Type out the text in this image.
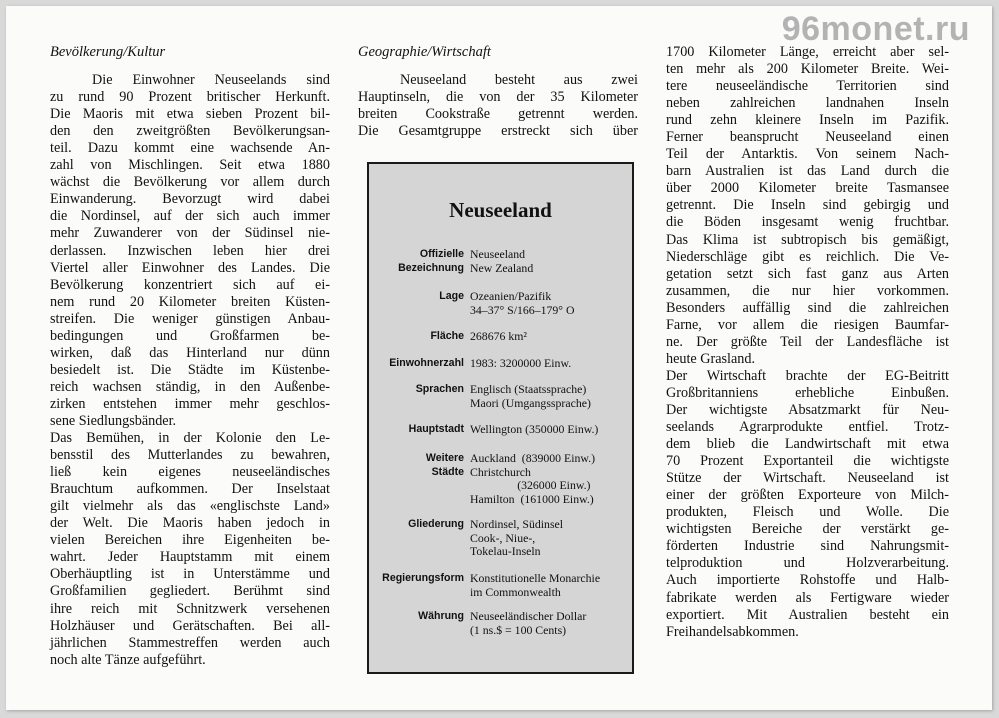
96monet.ru
Bevölkerung/Kultur
Die Einwohner Neuseelands sind
zu rund 90 Prozent britischer Herkunft.
Die Maoris mit etwa sieben Prozent bil-
den den zweitgrößten Bevölkerungsan-
teil. Dazu kommt eine wachsende An-
zahl von Mischlingen. Seit etwa 1880
wächst die Bevölkerung vor allem durch
Einwanderung. Bevorzugt wird dabei
die Nordinsel, auf der sich auch immer
mehr Zuwanderer von der Südinsel nie-
derlassen. Inzwischen leben hier drei
Viertel aller Einwohner des Landes. Die
Bevölkerung konzentriert sich auf ei-
nem rund 20 Kilometer breiten Küsten-
streifen. Die weniger günstigen Anbau-
bedingungen und Großfarmen be-
wirken, daß das Hinterland nur dünn
besiedelt ist. Die Städte im Küstenbe-
reich wachsen ständig, in den Außenbe-
zirken entstehen immer mehr geschlos-
sene Siedlungsbänder.
Das Bemühen, in der Kolonie den Le-
bensstil des Mutterlandes zu bewahren,
ließ kein eigenes neuseeländisches
Brauchtum aufkommen. Der Inselstaat
gilt vielmehr als das «englischste Land»
der Welt. Die Maoris haben jedoch in
vielen Bereichen ihre Eigenheiten be-
wahrt. Jeder Hauptstamm mit einem
Oberhäuptling ist in Unterstämme und
Großfamilien gegliedert. Berühmt sind
ihre reich mit Schnitzwerk versehenen
Holzhäuser und Gerätschaften. Bei all-
jährlichen Stammestreffen werden auch
noch alte Tänze aufgeführt.
Geographie/Wirtschaft
Neuseeland besteht aus zwei
Hauptinseln, die von der 35 Kilometer
breiten Cookstraße getrennt werden.
Die Gesamtgruppe erstreckt sich über
1700 Kilometer Länge, erreicht aber sel-
ten mehr als 200 Kilometer Breite. Wei-
tere neuseeländische Territorien sind
neben zahlreichen landnahen Inseln
rund zehn kleinere Inseln im Pazifik.
Ferner beansprucht Neuseeland einen
Teil der Antarktis. Von seinem Nach-
barn Australien ist das Land durch die
über 2000 Kilometer breite Tasmansee
getrennt. Die Inseln sind gebirgig und
die Böden insgesamt wenig fruchtbar.
Das Klima ist subtropisch bis gemäßigt,
Niederschläge gibt es reichlich. Die Ve-
getation setzt sich fast ganz aus Arten
zusammen, die nur hier vorkommen.
Besonders auffällig sind die zahlreichen
Farne, vor allem die riesigen Baumfar-
ne. Der größte Teil der Landesfläche ist
heute Grasland.
Der Wirtschaft brachte der EG-Beitritt
Großbritanniens erhebliche Einbußen.
Der wichtigste Absatzmarkt für Neu-
seelands Agrarprodukte entfiel. Trotz-
dem blieb die Landwirtschaft mit etwa
70 Prozent Exportanteil die wichtigste
Stütze der Wirtschaft. Neuseeland ist
einer der größten Exporteure von Milch-
produkten, Fleisch und Wolle. Die
wichtigsten Bereiche der verstärkt ge-
förderten Industrie sind Nahrungsmit-
telproduktion und Holzverarbeitung.
Auch importierte Rohstoffe und Halb-
fabrikate werden als Fertigware wieder
exportiert. Mit Australien besteht ein
Freihandelsabkommen.
Neuseeland
Offizielle
Bezeichnung
Neuseeland
New Zealand
Lage Ozeanien/Pazifik
34–37° S/166–179° O
Fläche 268676 km²
Einwohnerzahl 1983: 3200000 Einw.
Sprachen Englisch (Staatssprache)
Maori (Umgangssprache)
Hauptstadt Wellington (350000 Einw.)
Weitere
Städte
Auckland  (839000 Einw.)
Christchurch
(326000 Einw.)
Hamilton  (161000 Einw.)
Gliederung Nordinsel, Südinsel
Cook-, Niue-,
Tokelau-Inseln
Regierungsform Konstitutionelle Monarchie
im Commonwealth
Währung Neuseeländischer Dollar
(1 ns.$ = 100 Cents)
